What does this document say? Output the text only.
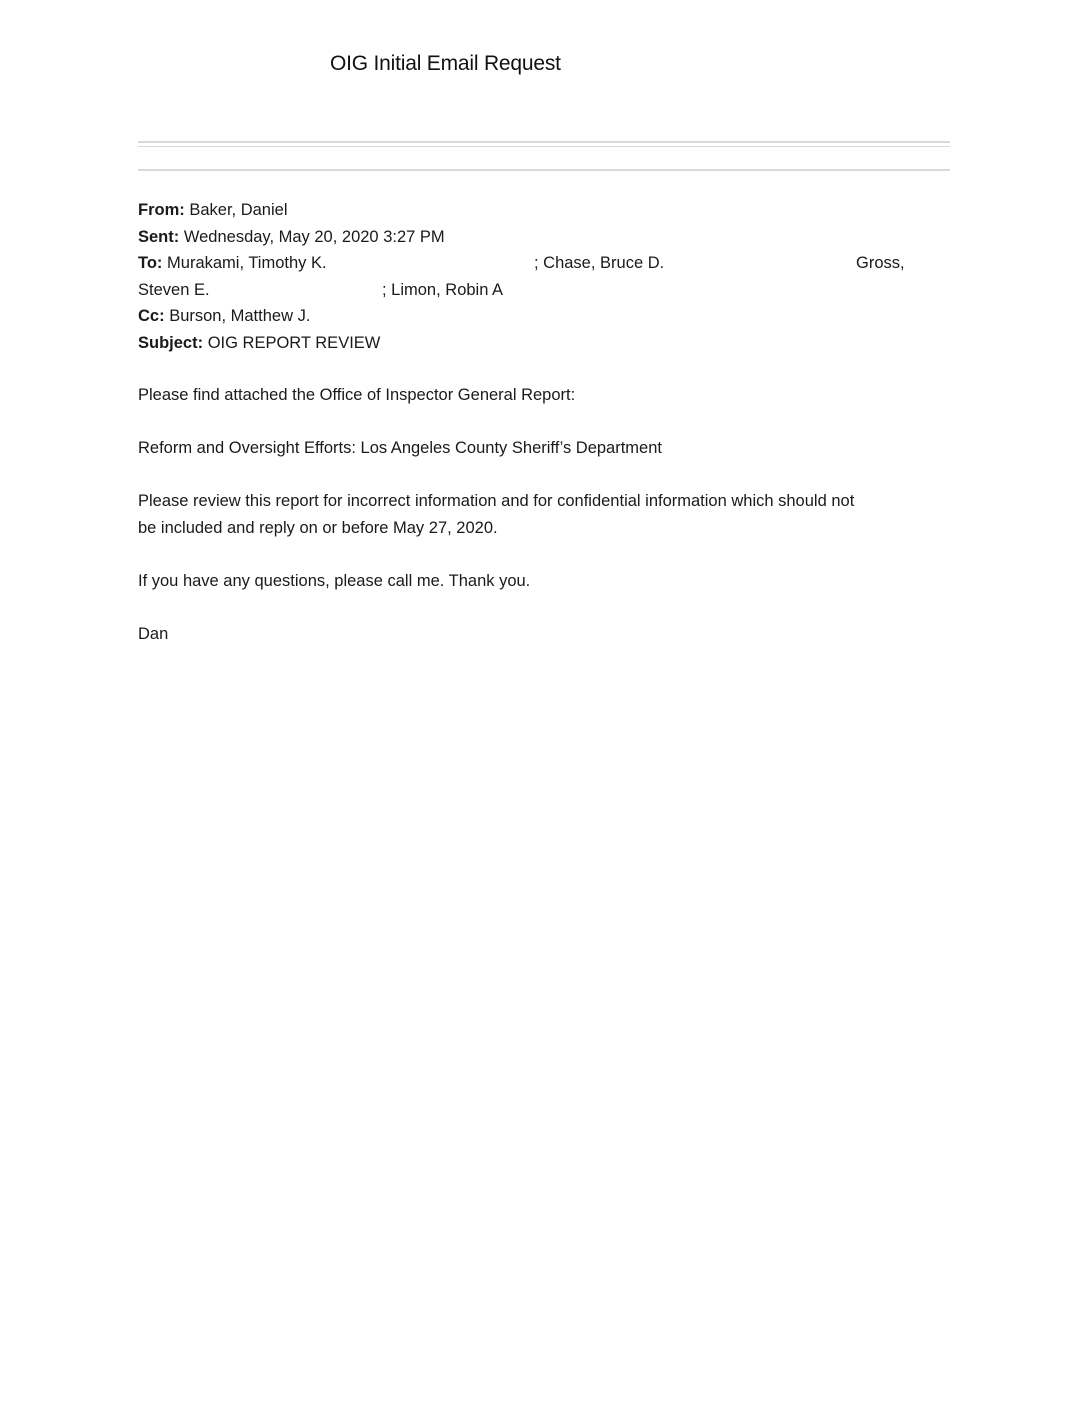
OIG Initial Email Request
From: Baker, Daniel
Sent: Wednesday, May 20, 2020 3:27 PM
To: Murakami, Timothy K.	; Chase, Bruce D.	Gross,
Steven E.	; Limon, Robin A
Cc: Burson, Matthew J.
Subject: OIG REPORT REVIEW

Please find attached the Office of Inspector General Report:

Reform and Oversight Efforts: Los Angeles County Sheriff’s Department

Please review this report for incorrect information and for confidential information which should not

be included and reply on or before May 27, 2020.

If you have any questions, please call me. Thank you.

Dan
